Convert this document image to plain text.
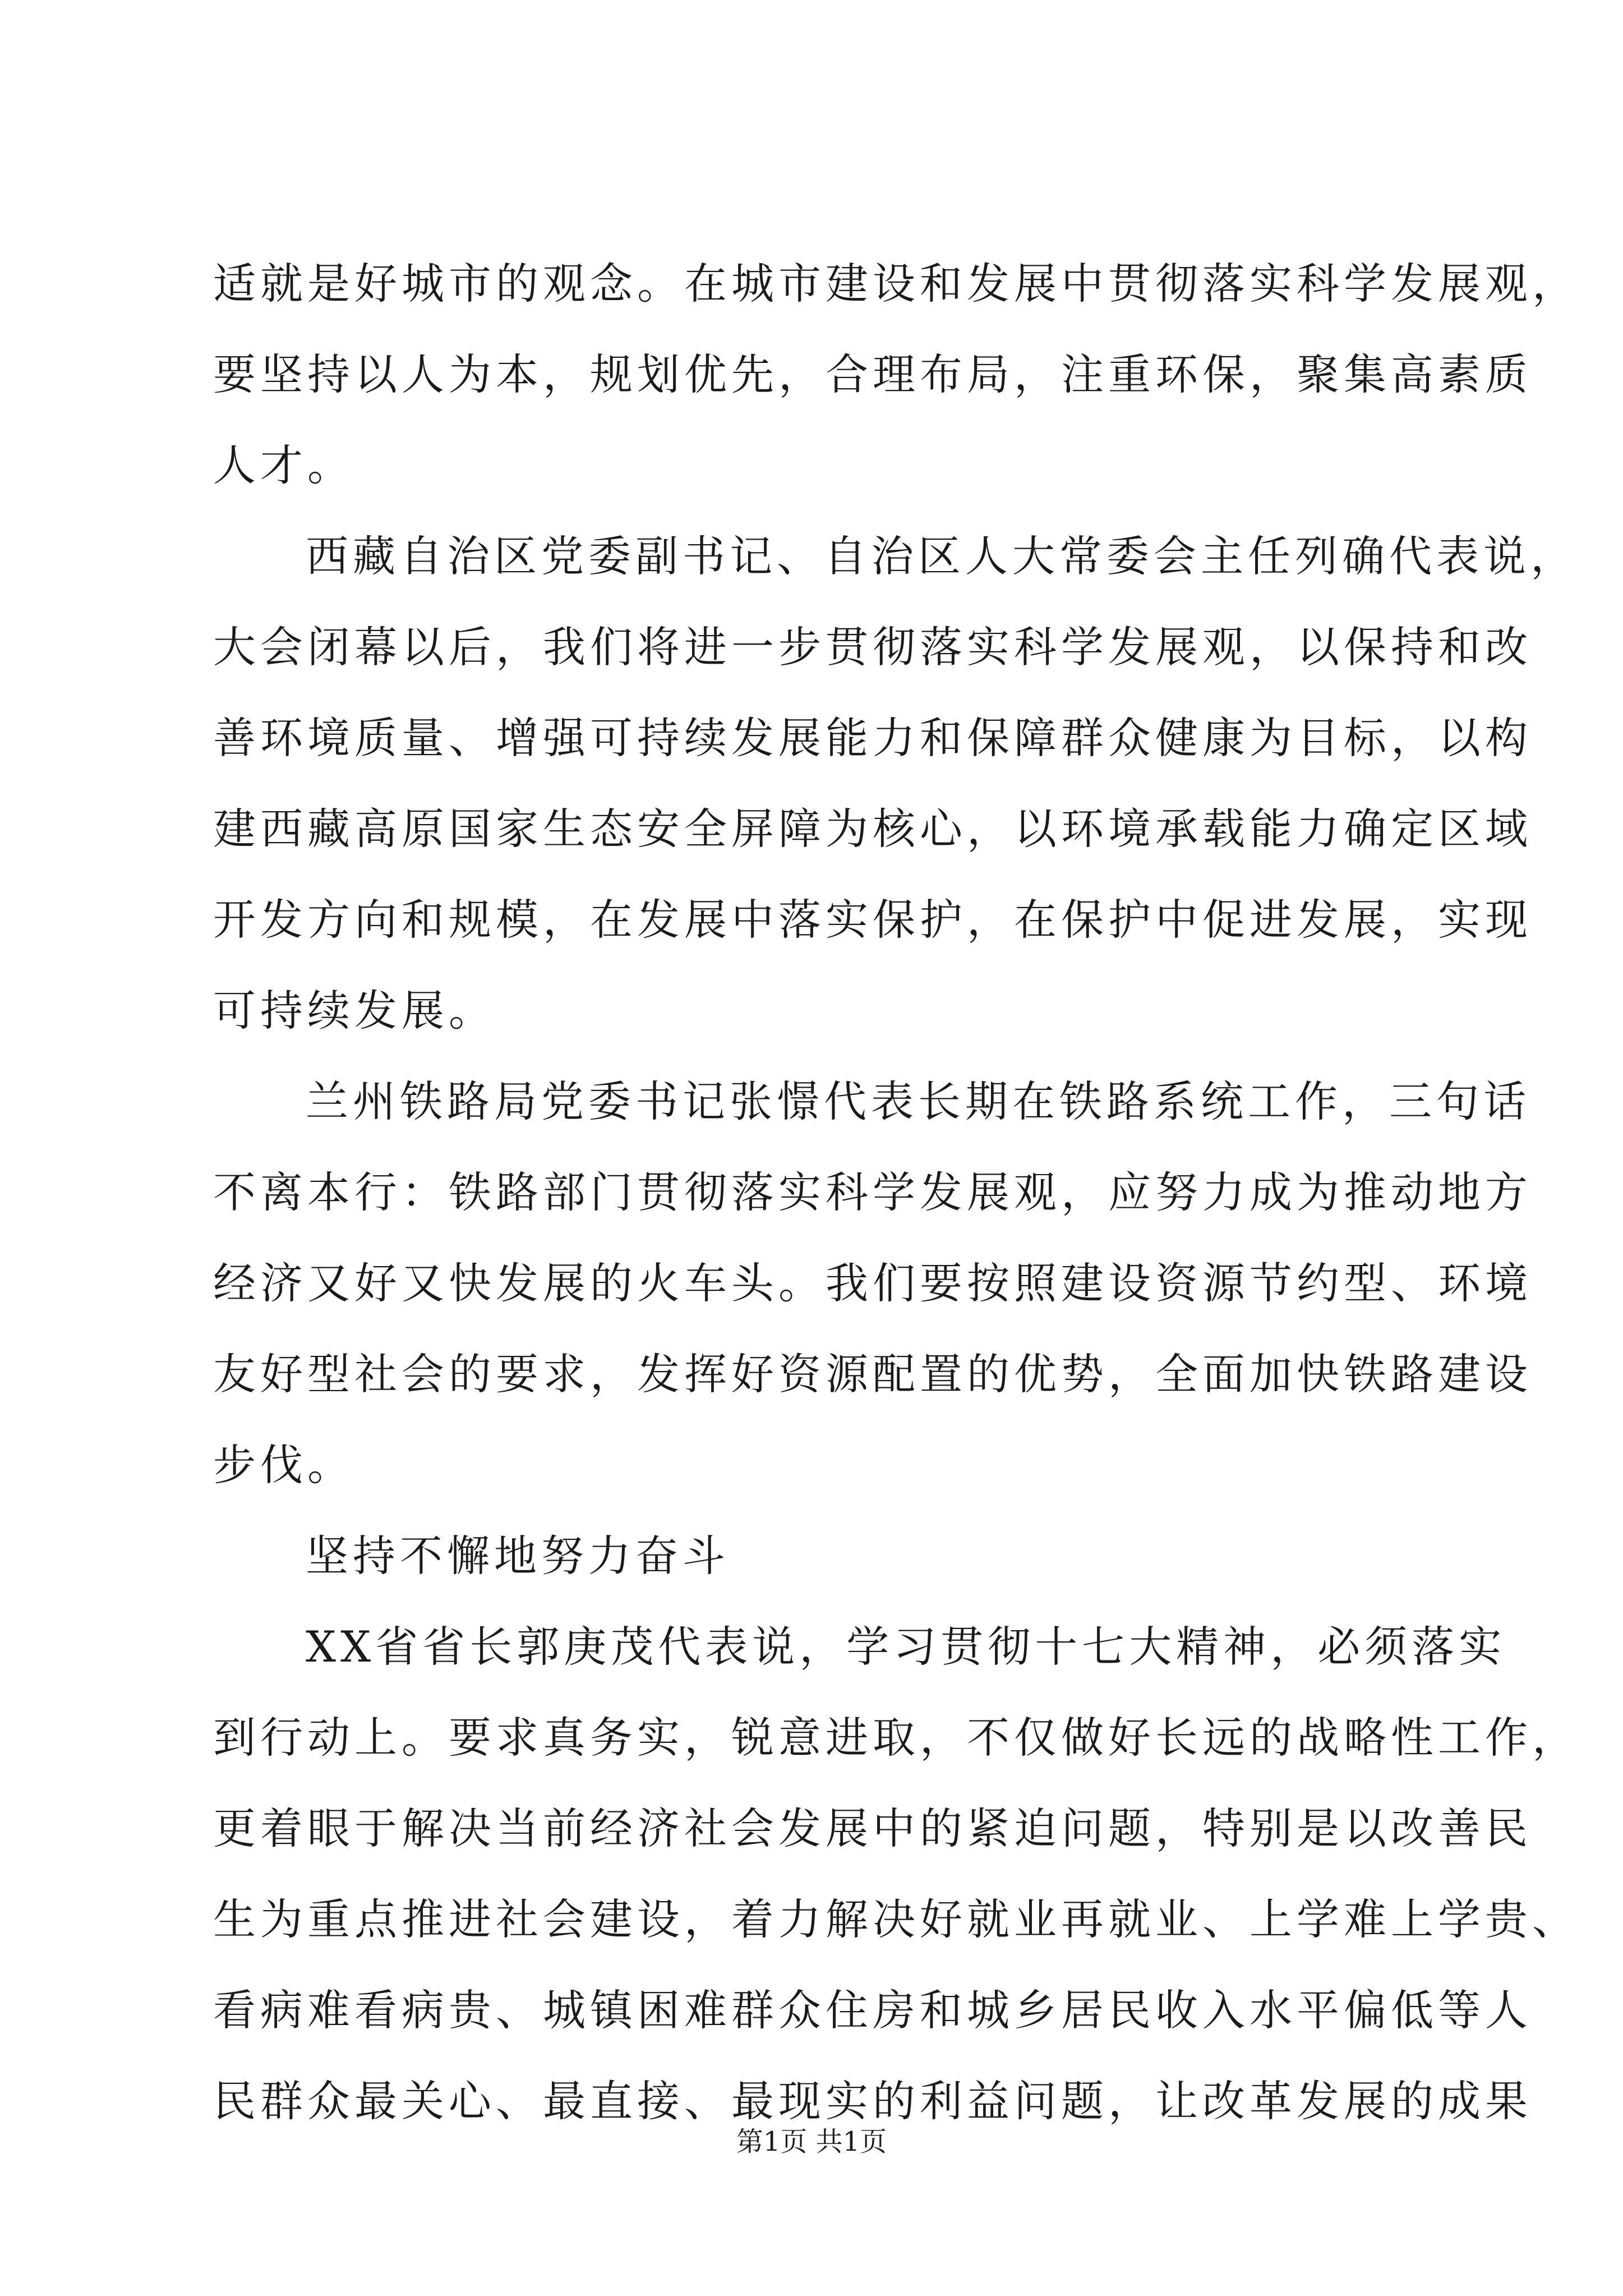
适就是好城市的观念。在城市建设和发展中贯彻落实科学发展观，
要坚持以人为本，规划优先，合理布局，注重环保，聚集高素质
人才。
西藏自治区党委副书记、自治区人大常委会主任列确代表说，
大会闭幕以后，我们将进一步贯彻落实科学发展观，以保持和改
善环境质量、增强可持续发展能力和保障群众健康为目标，以构
建西藏高原国家生态安全屏障为核心，以环境承载能力确定区域
开发方向和规模，在发展中落实保护，在保护中促进发展，实现
可持续发展。
兰州铁路局党委书记张憬代表长期在铁路系统工作，三句话
不离本行：铁路部门贯彻落实科学发展观，应努力成为推动地方
经济又好又快发展的火车头。我们要按照建设资源节约型、环境
友好型社会的要求，发挥好资源配置的优势，全面加快铁路建设
步伐。
坚持不懈地努力奋斗
XX省省长郭庚茂代表说，学习贯彻十七大精神，必须落实
到行动上。要求真务实，锐意进取，不仅做好长远的战略性工作，
更着眼于解决当前经济社会发展中的紧迫问题，特别是以改善民
生为重点推进社会建设，着力解决好就业再就业、上学难上学贵、
看病难看病贵、城镇困难群众住房和城乡居民收入水平偏低等人
民群众最关心、最直接、最现实的利益问题，让改革发展的成果
第1页 共1页
